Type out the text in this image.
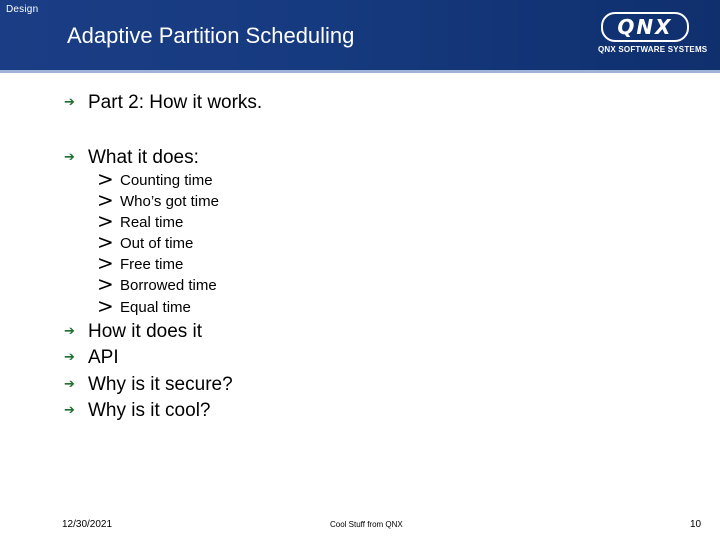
Design
Adaptive Partition Scheduling	QNX
QNX SOFTWARE SYSTEMS
➔ Part 2: How it works.
➔ What it does:
> Counting time
> Who’s got time
> Real time
> Out of time
> Free time
> Borrowed time
> Equal time
➔ How it does it
➔ API
➔ Why is it secure?
➔ Why is it cool?
12/30/2021	Cool Stuff from QNX	10
